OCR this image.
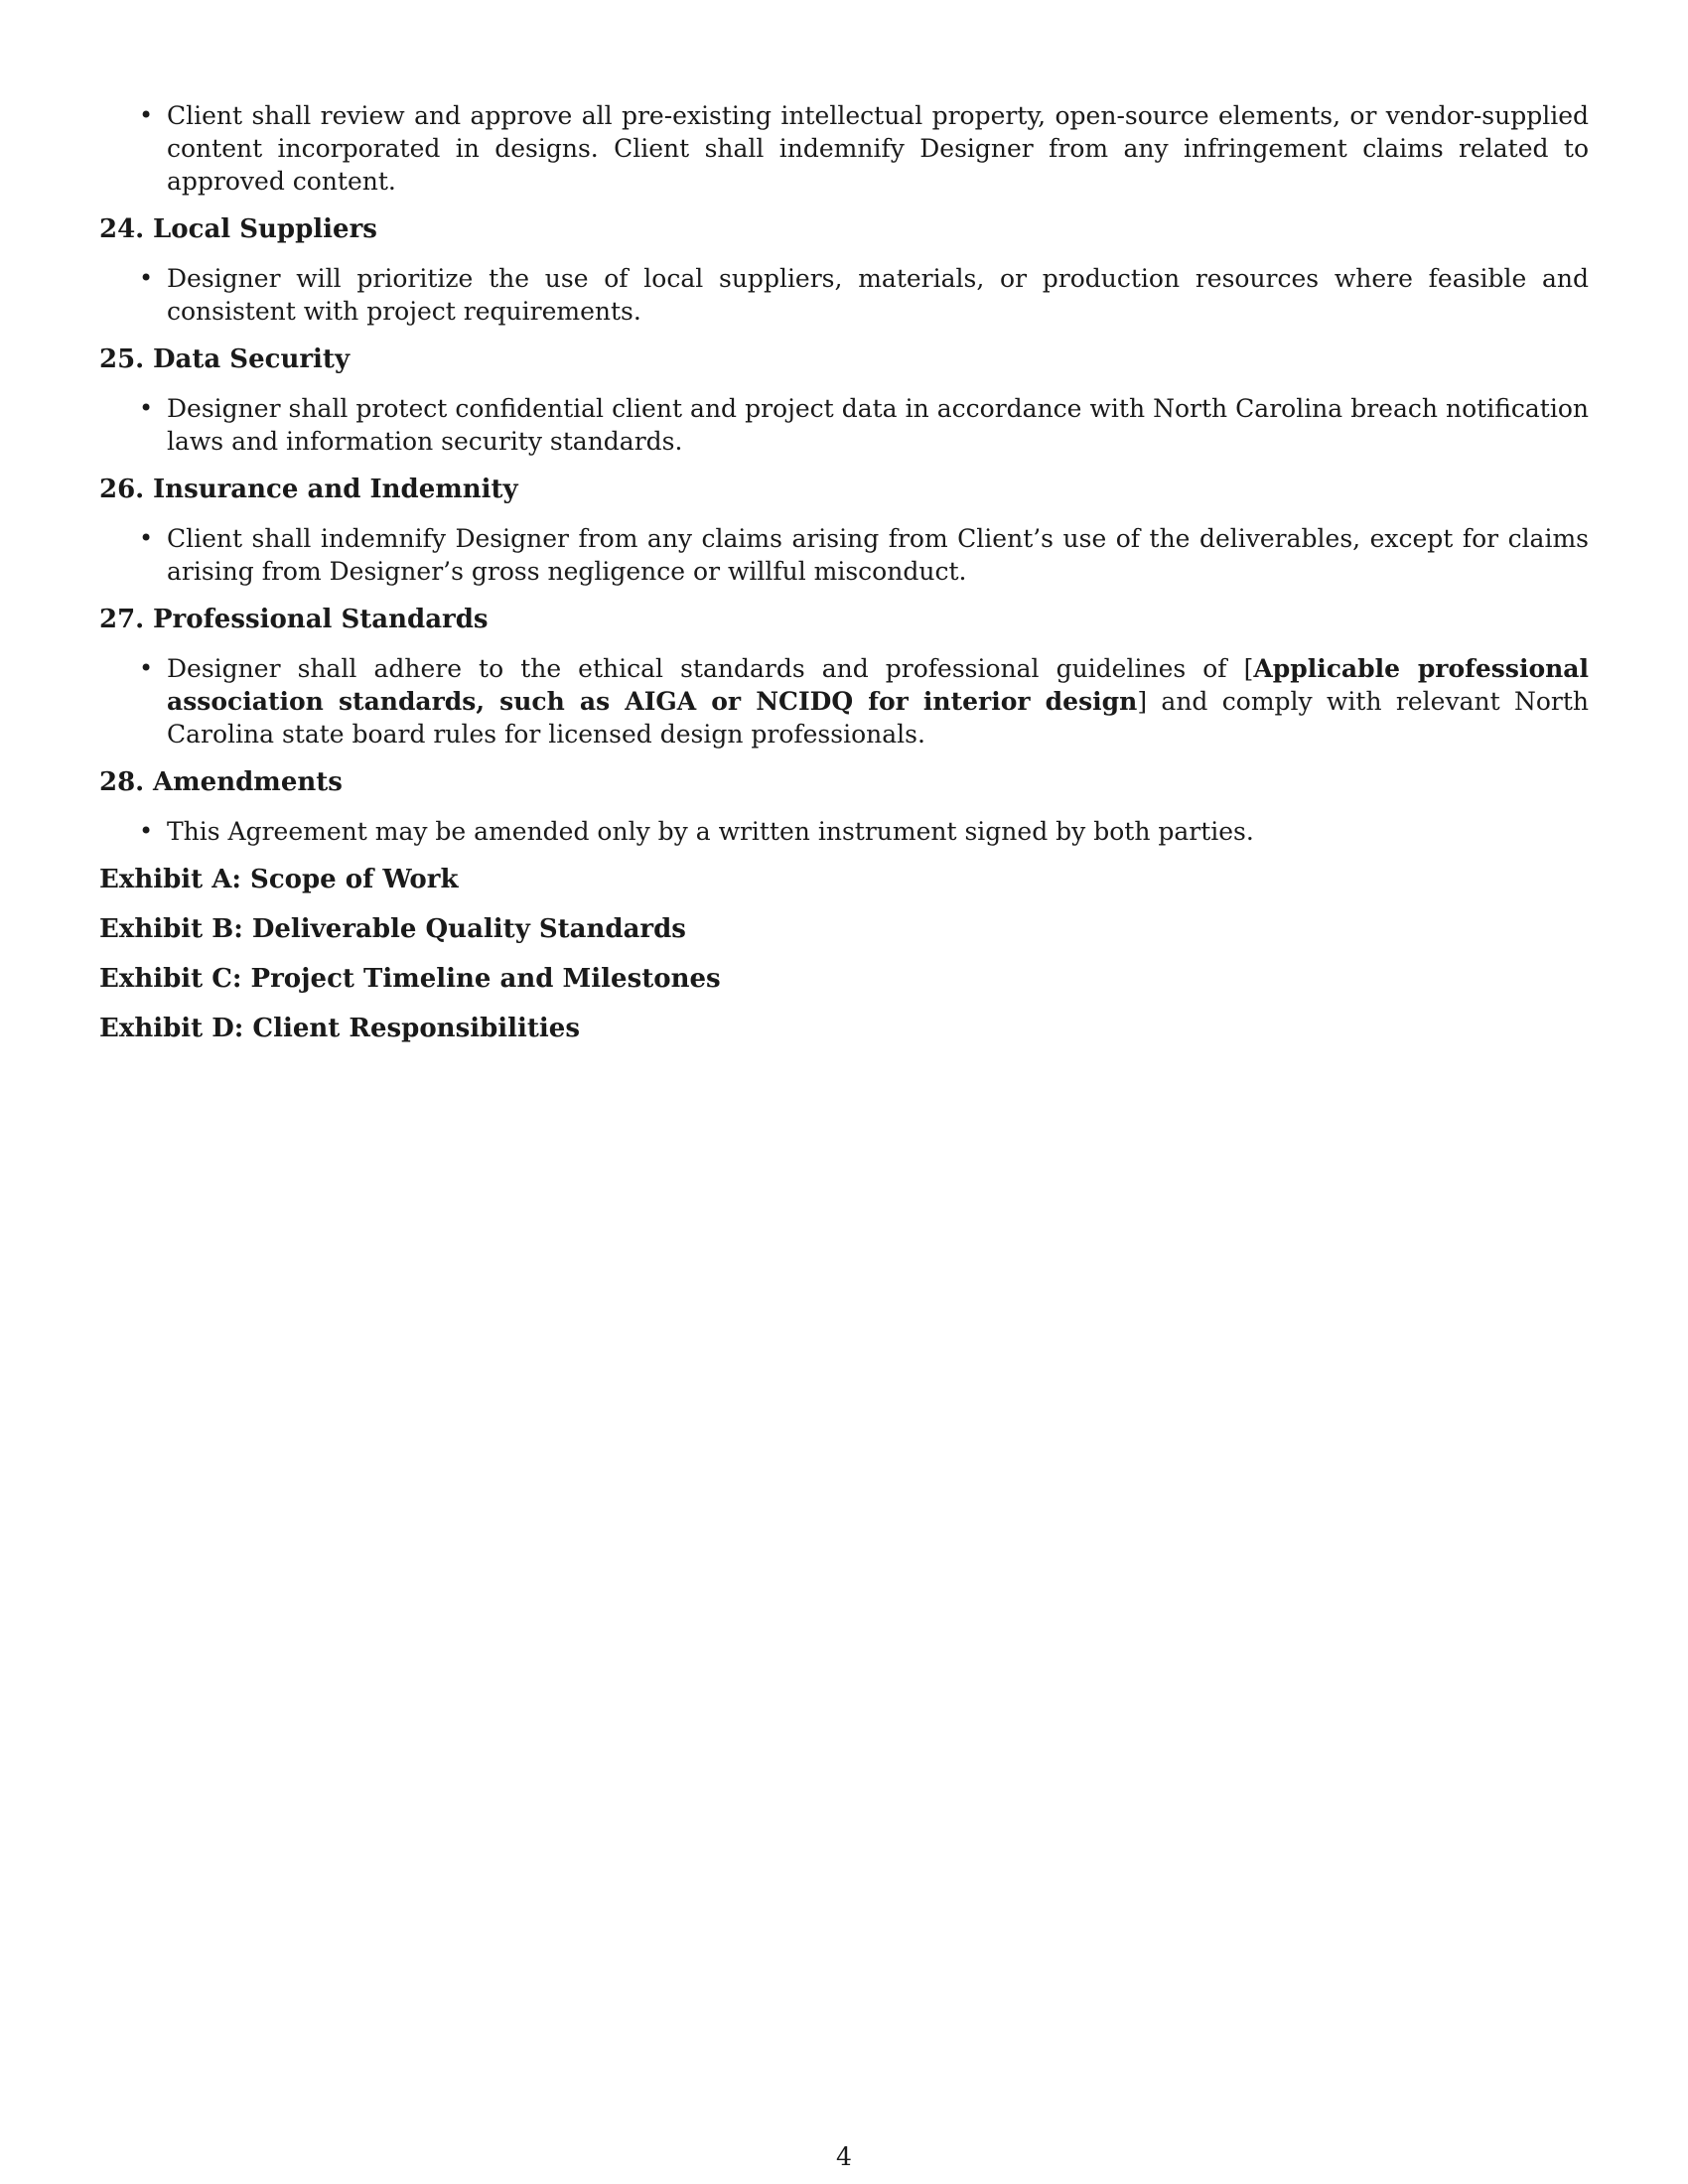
• Client shall review and approve all pre-existing intellectual property, open-source elements, or vendor-supplied content incorporated in designs. Client shall indemnify Designer from any infringement claims related to approved content.

24. Local Suppliers
• Designer will prioritize the use of local suppliers, materials, or production resources where feasible and consistent with project requirements.

25. Data Security
• Designer shall protect confidential client and project data in accordance with North Carolina breach notification laws and information security standards.

26. Insurance and Indemnity
• Client shall indemnify Designer from any claims arising from Client’s use of the deliverables, except for claims arising from Designer’s gross negligence or willful misconduct.

27. Professional Standards
• Designer shall adhere to the ethical standards and professional guidelines of [Applicable professional association standards, such as AIGA or NCIDQ for interior design] and comply with relevant North Carolina state board rules for licensed design professionals.

28. Amendments
• This Agreement may be amended only by a written instrument signed by both parties.

Exhibit A: Scope of Work
Exhibit B: Deliverable Quality Standards
Exhibit C: Project Timeline and Milestones
Exhibit D: Client Responsibilities
4
